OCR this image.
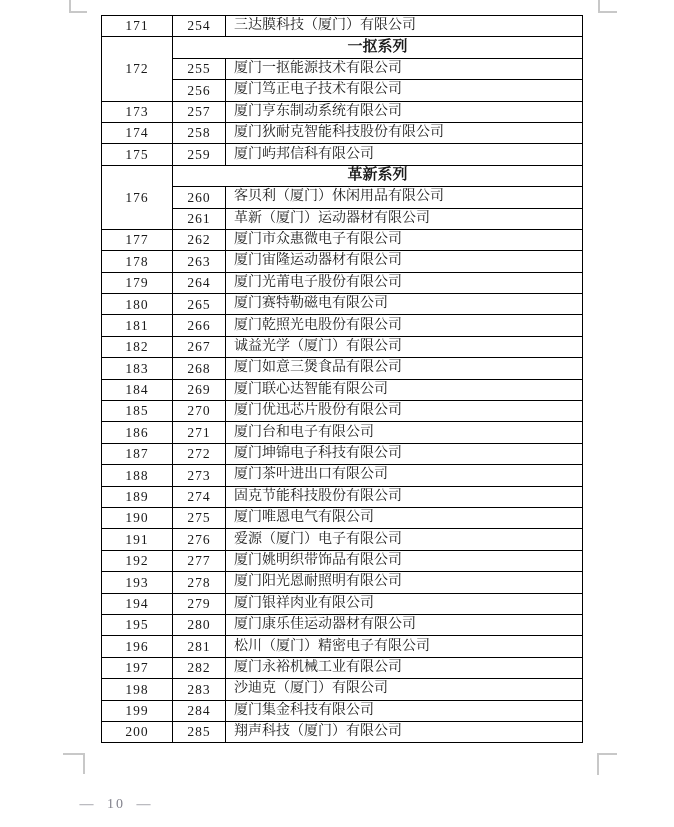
171	254	三达膜科技（厦门）有限公司
172	一抠系列	
	255	厦门一抠能源技术有限公司
	256	厦门笃正电子技术有限公司
173	257	厦门亨东制动系统有限公司
174	258	厦门狄耐克智能科技股份有限公司
175	259	厦门屿邦信科有限公司
176	革新系列	
	260	客贝利（厦门）休闲用品有限公司
	261	革新（厦门）运动器材有限公司
177	262	厦门市众惠微电子有限公司
178	263	厦门宙隆运动器材有限公司
179	264	厦门光莆电子股份有限公司
180	265	厦门赛特勒磁电有限公司
181	266	厦门乾照光电股份有限公司
182	267	诚益光学（厦门）有限公司
183	268	厦门如意三煲食品有限公司
184	269	厦门联心达智能有限公司
185	270	厦门优迅芯片股份有限公司
186	271	厦门台和电子有限公司
187	272	厦门坤锦电子科技有限公司
188	273	厦门茶叶进出口有限公司
189	274	固克节能科技股份有限公司
190	275	厦门唯恩电气有限公司
191	276	爱源（厦门）电子有限公司
192	277	厦门姚明织带饰品有限公司
193	278	厦门阳光恩耐照明有限公司
194	279	厦门银祥肉业有限公司
195	280	厦门康乐佳运动器材有限公司
196	281	松川（厦门）精密电子有限公司
197	282	厦门永裕机械工业有限公司
198	283	沙迪克（厦门）有限公司
199	284	厦门集金科技有限公司
200	285	翔声科技（厦门）有限公司
— 10 —
